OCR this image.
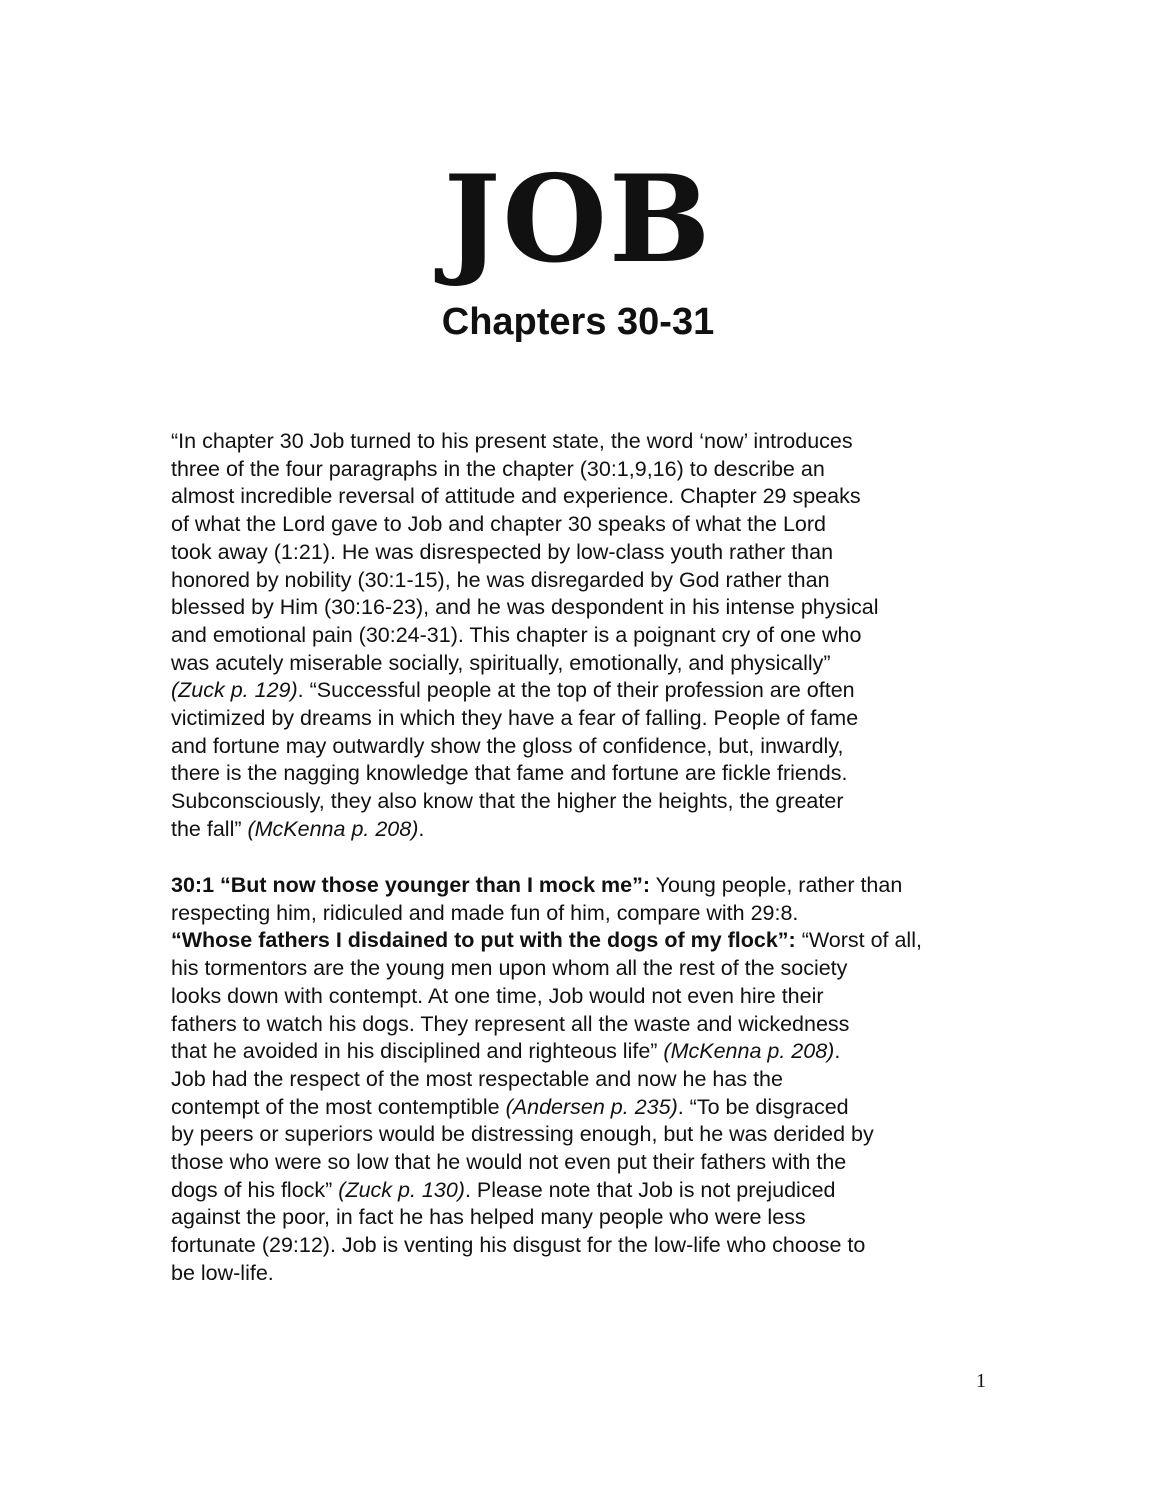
JOB
Chapters 30-31

“In chapter 30 Job turned to his present state, the word ‘now’ introduces
three of the four paragraphs in the chapter (30:1,9,16) to describe an
almost incredible reversal of attitude and experience. Chapter 29 speaks
of what the Lord gave to Job and chapter 30 speaks of what the Lord
took away (1:21). He was disrespected by low-class youth rather than
honored by nobility (30:1-15), he was disregarded by God rather than
blessed by Him (30:16-23), and he was despondent in his intense physical
and emotional pain (30:24-31). This chapter is a poignant cry of one who
was acutely miserable socially, spiritually, emotionally, and physically”
(Zuck p. 129). “Successful people at the top of their profession are often
victimized by dreams in which they have a fear of falling. People of fame
and fortune may outwardly show the gloss of confidence, but, inwardly,
there is the nagging knowledge that fame and fortune are fickle friends.
Subconsciously, they also know that the higher the heights, the greater
the fall” (McKenna p. 208).

30:1 “But now those younger than I mock me”: Young people, rather than
respecting him, ridiculed and made fun of him, compare with 29:8.
“Whose fathers I disdained to put with the dogs of my flock”: “Worst of all,
his tormentors are the young men upon whom all the rest of the society
looks down with contempt. At one time, Job would not even hire their
fathers to watch his dogs. They represent all the waste and wickedness
that he avoided in his disciplined and righteous life” (McKenna p. 208).
Job had the respect of the most respectable and now he has the
contempt of the most contemptible (Andersen p. 235). “To be disgraced
by peers or superiors would be distressing enough, but he was derided by
those who were so low that he would not even put their fathers with the
dogs of his flock” (Zuck p. 130). Please note that Job is not prejudiced
against the poor, in fact he has helped many people who were less
fortunate (29:12). Job is venting his disgust for the low-life who choose to
be low-life.

1
